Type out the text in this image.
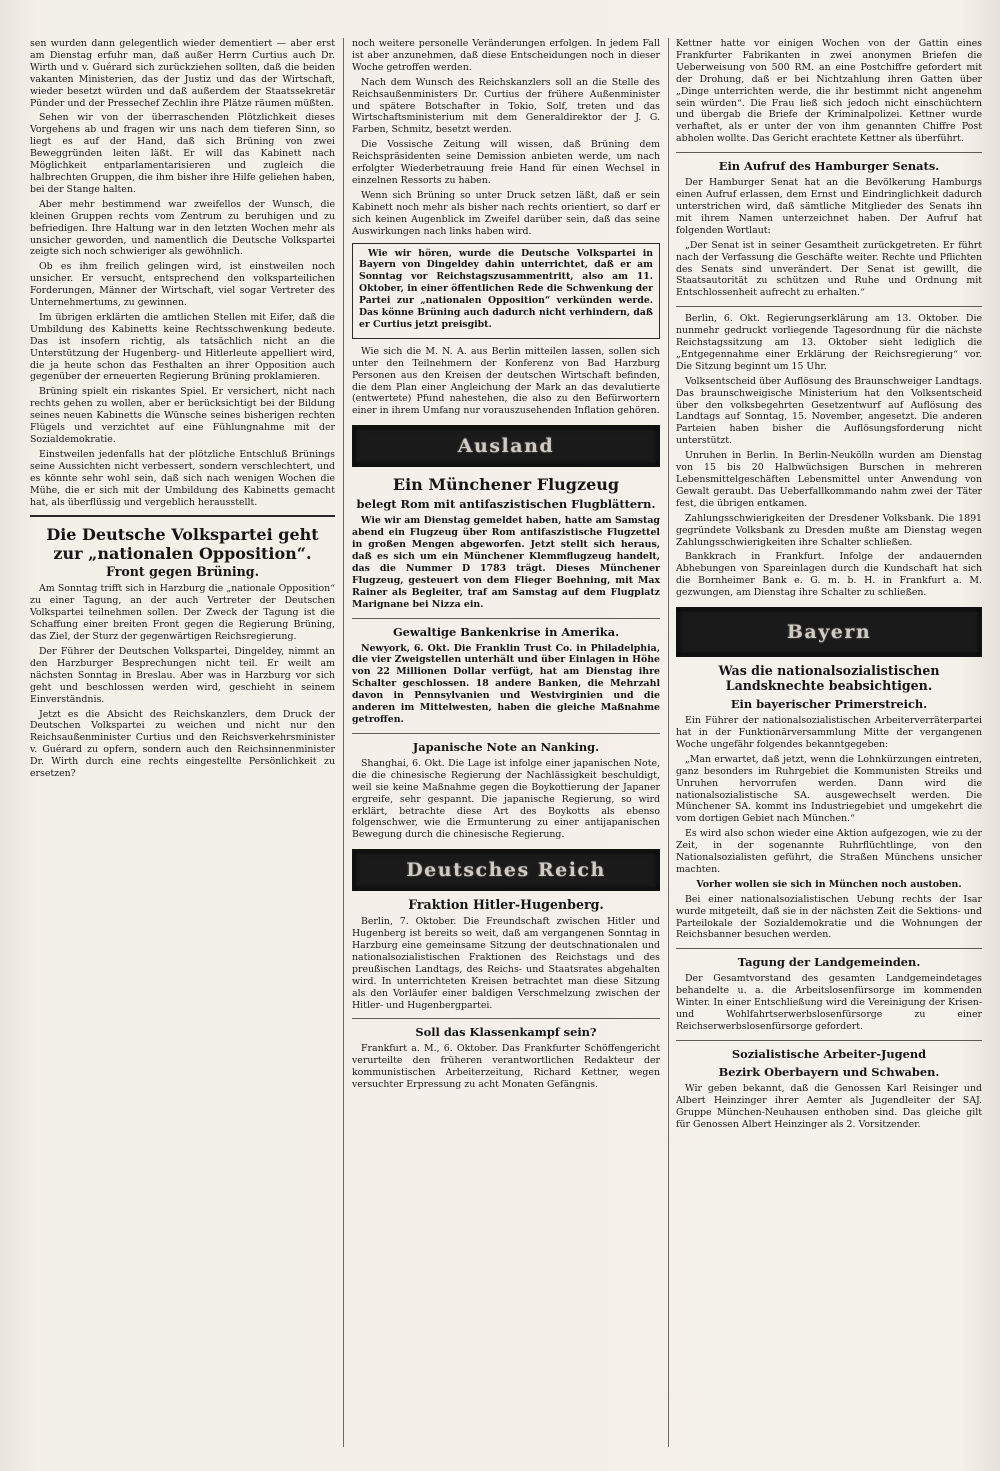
sen wurden dann gelegentlich wieder dementiert — aber erst am Dienstag erfuhr man, daß außer Herrn Curtius auch Dr. Wirth und v. Guérard sich zurückziehen sollten, daß die beiden vakanten Ministerien, das der Justiz und das der Wirtschaft, wieder besetzt würden und daß außerdem der Staatssekretär Pünder und der Pressechef Zechlin ihre Plätze räumen müßten.

Sehen wir von der überraschenden Plötzlichkeit dieses Vorgehens ab und fragen wir uns nach dem tieferen Sinn, so liegt es auf der Hand, daß sich Brüning von zwei Beweggründen leiten läßt. Er will das Kabinett nach Möglichkeit entparlamentarisieren und zugleich die halbrechten Gruppen, die ihm bisher ihre Hilfe geliehen haben, bei der Stange halten.

Aber mehr bestimmend war zweifellos der Wunsch, die kleinen Gruppen rechts vom Zentrum zu beruhigen und zu befriedigen. Ihre Haltung war in den letzten Wochen mehr als unsicher geworden, und namentlich die Deutsche Volkspartei zeigte sich noch schwieriger als gewöhnlich.

Ob es ihm freilich gelingen wird, ist einstweilen noch unsicher. Er versucht, entsprechend den volksparteilichen Forderungen, Männer der Wirtschaft, viel sogar Vertreter des Unternehmertums, zu gewinnen.

Im übrigen erklärten die amtlichen Stellen mit Eifer, daß die Umbildung des Kabinetts keine Rechtsschwenkung bedeute. Das ist insofern richtig, als tatsächlich nicht an die Unterstützung der Hugenberg- und Hitlerleute appelliert wird, die ja heute schon das Festhalten an ihrer Opposition auch gegenüber der erneuerten Regierung Brüning proklamieren.

Brüning spielt ein riskantes Spiel. Er versichert, nicht nach rechts gehen zu wollen, aber er berücksichtigt bei der Bildung seines neuen Kabinetts die Wünsche seines bisherigen rechten Flügels und verzichtet auf eine Fühlungnahme mit der Sozialdemokratie.

Einstweilen jedenfalls hat der plötzliche Entschluß Brünings seine Aussichten nicht verbessert, sondern verschlechtert, und es könnte sehr wohl sein, daß sich nach wenigen Wochen die Mühe, die er sich mit der Umbildung des Kabinetts gemacht hat, als überflüssig und vergeblich herausstellt.

Die Deutsche Volkspartei geht zur „nationalen Opposition“.
Front gegen Brüning.

Am Sonntag trifft sich in Harzburg die „nationale Opposition“ zu einer Tagung, an der auch Vertreter der Deutschen Volkspartei teilnehmen sollen. Der Zweck der Tagung ist die Schaffung einer breiten Front gegen die Regierung Brüning, das Ziel, der Sturz der gegenwärtigen Reichsregierung.

Der Führer der Deutschen Volkspartei, Dingeldey, nimmt an den Harzburger Besprechungen nicht teil. Er weilt am nächsten Sonntag in Breslau. Aber was in Harzburg vor sich geht und beschlossen werden wird, geschieht in seinem Einverständnis.

Jetzt es die Absicht des Reichskanzlers, dem Druck der Deutschen Volkspartei zu weichen und nicht nur den Reichsaußenminister Curtius und den Reichsverkehrsminister v. Guérard zu opfern, sondern auch den Reichsinnenminister Dr. Wirth durch eine rechts eingestellte Persönlichkeit zu ersetzen?

noch weitere personelle Veränderungen erfolgen. In jedem Fall ist aber anzunehmen, daß diese Entscheidungen noch in dieser Woche getroffen werden.

Nach dem Wunsch des Reichskanzlers soll an die Stelle des Reichsaußenministers Dr. Curtius der frühere Außenminister und spätere Botschafter in Tokio, Solf, treten und das Wirtschaftsministerium mit dem Generaldirektor der J. G. Farben, Schmitz, besetzt werden.

Die Vossische Zeitung will wissen, daß Brüning dem Reichspräsidenten seine Demission anbieten werde, um nach erfolgter Wiederbetrauung freie Hand für einen Wechsel in einzelnen Ressorts zu haben.

Wenn sich Brüning so unter Druck setzen läßt, daß er sein Kabinett noch mehr als bisher nach rechts orientiert, so darf er sich keinen Augenblick im Zweifel darüber sein, daß das seine Auswirkungen nach links haben wird.

Wie wir hören, wurde die Deutsche Volkspartei in Bayern von Dingeldey dahin unterrichtet, daß er am Sonntag vor Reichstagszusammentritt, also am 11. Oktober, in einer öffentlichen Rede die Schwenkung der Partei zur „nationalen Opposition“ verkünden werde. Das könne Brüning auch dadurch nicht verhindern, daß er Curtius jetzt preisgibt.

Wie sich die M. N. A. aus Berlin mitteilen lassen, sollen sich unter den Teilnehmern der Konferenz von Bad Harzburg Personen aus den Kreisen der deutschen Wirtschaft befinden, die dem Plan einer Angleichung der Mark an das devalutierte (entwertete) Pfund nahestehen, die also zu den Befürwortern einer in ihrem Umfang nur vorauszusehenden Inflation gehören.

Ausland
Ein Münchener Flugzeug
belegt Rom mit antifaszistischen Flugblättern.

Wie wir am Dienstag gemeldet haben, hatte am Samstag abend ein Flugzeug über Rom antifaszistische Flugzettel in großen Mengen abgeworfen. Jetzt stellt sich heraus, daß es sich um ein Münchener Klemmflugzeug handelt, das die Nummer D 1783 trägt. Dieses Münchener Flugzeug, gesteuert von dem Flieger Boehning, mit Max Rainer als Begleiter, traf am Samstag auf dem Flugplatz Marignane bei Nizza ein.

Gewaltige Bankenkrise in Amerika.

Newyork, 6. Okt. Die Franklin Trust Co. in Philadelphia, die vier Zweigstellen unterhält und über Einlagen in Höhe von 22 Millionen Dollar verfügt, hat am Dienstag ihre Schalter geschlossen. 18 andere Banken, die Mehrzahl davon in Pennsylvanien und Westvirginien und die anderen im Mittelwesten, haben die gleiche Maßnahme getroffen.

Japanische Note an Nanking.

Shanghai, 6. Okt. Die Lage ist infolge einer japanischen Note, die die chinesische Regierung der Nachlässigkeit beschuldigt, weil sie keine Maßnahme gegen die Boykottierung der Japaner ergreife, sehr gespannt. Die japanische Regierung, so wird erklärt, betrachte diese Art des Boykotts als ebenso folgenschwer, wie die Ermunterung zu einer antijapanischen Bewegung durch die chinesische Regierung.

Deutsches Reich
Fraktion Hitler-Hugenberg.

Berlin, 7. Oktober. Die Freundschaft zwischen Hitler und Hugenberg ist bereits so weit, daß am vergangenen Sonntag in Harzburg eine gemeinsame Sitzung der deutschnationalen und nationalsozialistischen Fraktionen des Reichstags und des preußischen Landtags, des Reichs- und Staatsrates abgehalten wird. In unterrichteten Kreisen betrachtet man diese Sitzung als den Vorläufer einer baldigen Verschmelzung zwischen der Hitler- und Hugenbergpartei.

Soll das Klassenkampf sein?

Frankfurt a. M., 6. Oktober. Das Frankfurter Schöffengericht verurteilte den früheren verantwortlichen Redakteur der kommunistischen Arbeiterzeitung, Richard Kettner, wegen versuchter Erpressung zu acht Monaten Gefängnis.

Kettner hatte vor einigen Wochen von der Gattin eines Frankfurter Fabrikanten in zwei anonymen Briefen die Ueberweisung von 500 RM. an eine Postchiffre gefordert mit der Drohung, daß er bei Nichtzahlung ihren Gatten über „Dinge unterrichten werde, die ihr bestimmt nicht angenehm sein würden“. Die Frau ließ sich jedoch nicht einschüchtern und übergab die Briefe der Kriminalpolizei. Kettner wurde verhaftet, als er unter der von ihm genannten Chiffre Post abholen wollte. Das Gericht erachtete Kettner als überführt.

Ein Aufruf des Hamburger Senats.

Der Hamburger Senat hat an die Bevölkerung Hamburgs einen Aufruf erlassen, dem Ernst und Eindringlichkeit dadurch unterstrichen wird, daß sämtliche Mitglieder des Senats ihn mit ihrem Namen unterzeichnet haben. Der Aufruf hat folgenden Wortlaut:

„Der Senat ist in seiner Gesamtheit zurückgetreten. Er führt nach der Verfassung die Geschäfte weiter. Rechte und Pflichten des Senats sind unverändert. Der Senat ist gewillt, die Staatsautorität zu schützen und Ruhe und Ordnung mit Entschlossenheit aufrecht zu erhalten.“

Berlin, 6. Okt. Regierungserklärung am 13. Oktober. Die nunmehr gedruckt vorliegende Tagesordnung für die nächste Reichstagssitzung am 13. Oktober sieht lediglich die „Entgegennahme einer Erklärung der Reichsregierung“ vor. Die Sitzung beginnt um 15 Uhr.

Volksentscheid über Auflösung des Braunschweiger Landtags. Das braunschweigische Ministerium hat den Volksentscheid über den volksbegehrten Gesetzentwurf auf Auflösung des Landtags auf Sonntag, 15. November, angesetzt. Die anderen Parteien haben bisher die Auflösungsforderung nicht unterstützt.

Unruhen in Berlin. In Berlin-Neukölln wurden am Dienstag von 15 bis 20 Halbwüchsigen Burschen in mehreren Lebensmittelgeschäften Lebensmittel unter Anwendung von Gewalt geraubt. Das Ueberfallkommando nahm zwei der Täter fest, die übrigen entkamen.

Zahlungsschwierigkeiten der Dresdener Volksbank. Die 1891 gegründete Volksbank zu Dresden mußte am Dienstag wegen Zahlungsschwierigkeiten ihre Schalter schließen.

Bankkrach in Frankfurt. Infolge der andauernden Abhebungen von Spareinlagen durch die Kundschaft hat sich die Bornheimer Bank e. G. m. b. H. in Frankfurt a. M. gezwungen, am Dienstag ihre Schalter zu schließen.

Bayern
Was die nationalsozialistischen Landsknechte beabsichtigen.
Ein bayerischer Primerstreich.

Ein Führer der nationalsozialistischen Arbeiterverräterpartei hat in der Funktionärversammlung Mitte der vergangenen Woche ungefähr folgendes bekanntgegeben:

„Man erwartet, daß jetzt, wenn die Lohnkürzungen eintreten, ganz besonders im Ruhrgebiet die Kommunisten Streiks und Unruhen hervorrufen werden. Dann wird die nationalsozialistische SA. ausgewechselt werden. Die Münchener SA. kommt ins Industriegebiet und umgekehrt die vom dortigen Gebiet nach München.“

Es wird also schon wieder eine Aktion aufgezogen, wie zu der Zeit, in der sogenannte Ruhrflüchtlinge, von den Nationalsozialisten geführt, die Straßen Münchens unsicher machten.

Vorher wollen sie sich in München noch austoben.

Bei einer nationalsozialistischen Uebung rechts der Isar wurde mitgeteilt, daß sie in der nächsten Zeit die Sektions- und Parteilokale der Sozialdemokratie und die Wohnungen der Reichsbanner besuchen werden.

Tagung der Landgemeinden.

Der Gesamtvorstand des gesamten Landgemeindetages behandelte u. a. die Arbeitslosenfürsorge im kommenden Winter. In einer Entschließung wird die Vereinigung der Krisen- und Wohlfahrtserwerbslosenfürsorge zu einer Reichserwerbslosenfürsorge gefordert.

Sozialistische Arbeiter-Jugend
Bezirk Oberbayern und Schwaben.

Wir geben bekannt, daß die Genossen Karl Reisinger und Albert Heinzinger ihrer Aemter als Jugendleiter der SAJ. Gruppe München-Neuhausen enthoben sind. Das gleiche gilt für Genossen Albert Heinzinger als 2. Vorsitzender.
